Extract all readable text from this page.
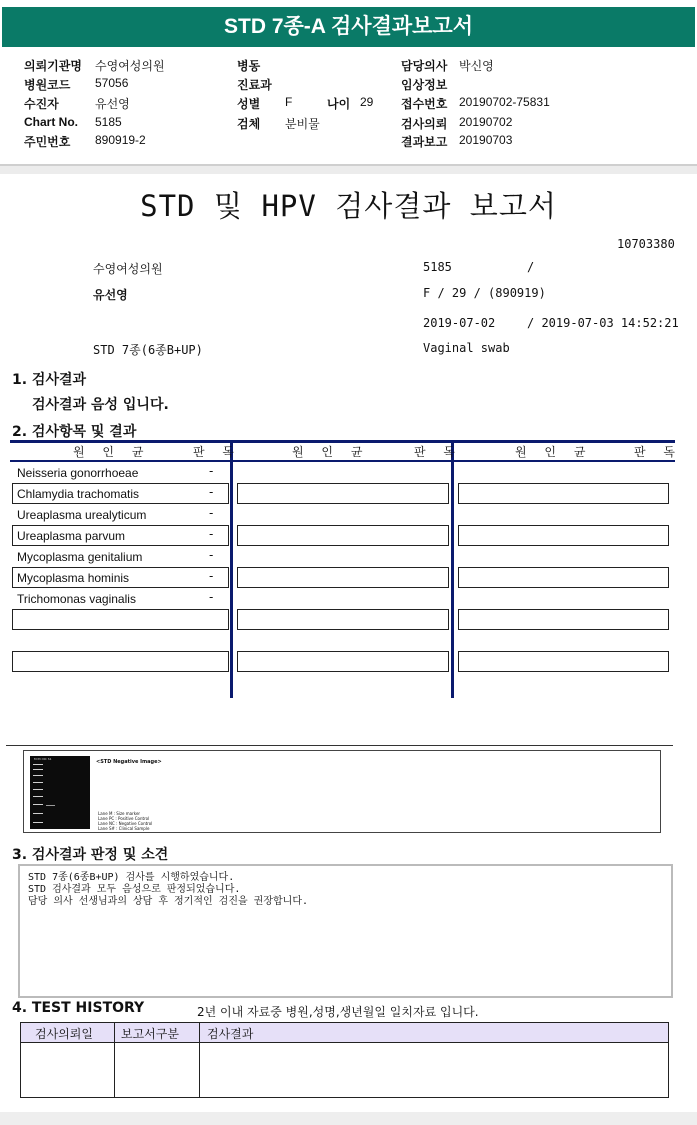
STD 7종-A 검사결과보고서
의뢰기관명 수영여성의원	병동	담당의사 박신영
병원코드 57056	진료과	임상정보
수진자	유선영	성별 F	나이 29 접수번호 20190702-75831
Chart No. 5185	검체 분비물	검사의뢰 20190702
주민번호 890919-2	결과보고 20190703
STD 및 HPV 검사결과 보고서
10703380
수영여성의원	5185	/
유선영	F / 29 / (890919)
2019-07-02	/ 2019-07-03 14:52:21
STD 7종(6종B+UP)	Vaginal swab
1. 검사결과
검사결과 음성 입니다.
2. 검사항목 및 결과
원 인 균	판 독	원 인 균	판 독	원 인 균	판 독
Neisseria gonorrhoeae	-
Chlamydia trachomatis	-
Ureaplasma urealyticum	-
Ureaplasma parvum	-
Mycoplasma genitalium	-
Mycoplasma hominis	-
Trichomonas vaginalis	-
M PC NC S1	<STD Negative Image>
Lane M : Size marker
Lane PC : Positive Control
Lane NC : Negative Control
Lane S# : Clinical Sample
3. 검사결과 판정 및 소견
STD 7종(6종B+UP) 검사를 시행하였습니다.
STD 검사결과 모두 음성으로 판정되었습니다.
담당 의사 선생님과의 상담 후 정기적인 검진을 권장합니다.
4. TEST HISTORY	2년 이내 자료중 병원,성명,생년월일 일치자료 입니다.
검사의뢰일 보고서구분 검사결과
